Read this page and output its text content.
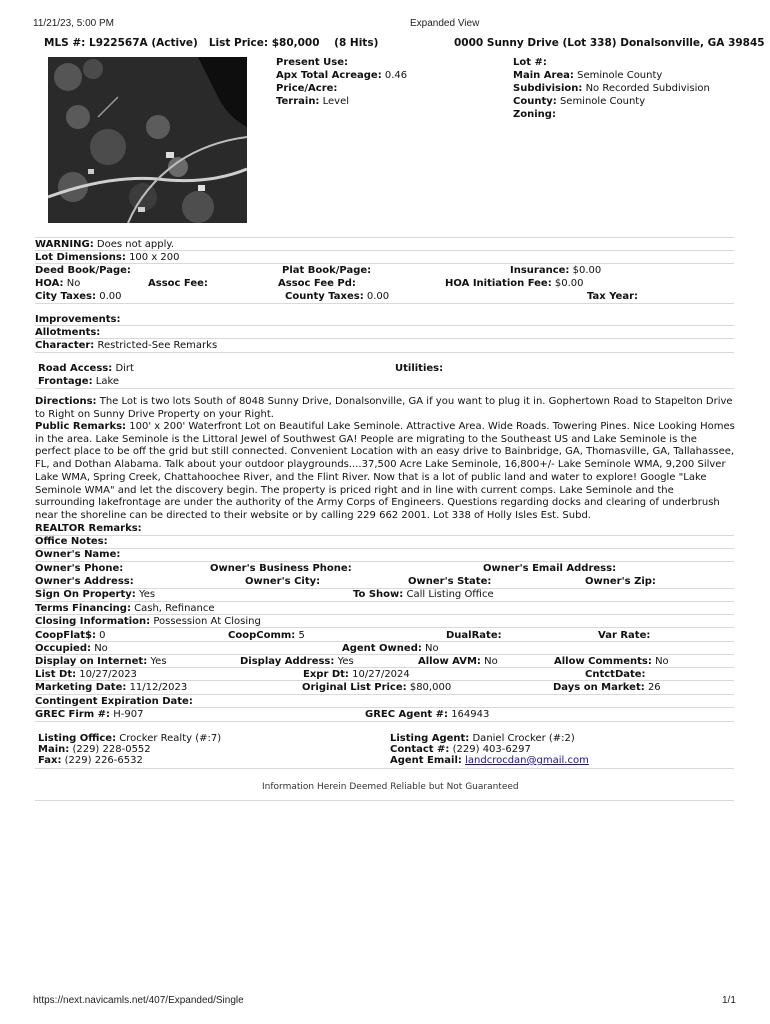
11/21/23, 5:00 PM	Expanded View
MLS #: L922567A (Active)   List Price: $80,000    (8 Hits)	0000 Sunny Drive (Lot 338) Donalsonville, GA 39845
Present Use:
Apx Total Acreage: 0.46
Price/Acre:
Terrain: Level
Lot #:
Main Area: Seminole County
Subdivision: No Recorded Subdivision
County: Seminole County
Zoning:
WARNING: Does not apply.
Lot Dimensions: 100 x 200
Deed Book/Page:	Plat Book/Page:	Insurance: $0.00
HOA: No	Assoc Fee:	Assoc Fee Pd:	HOA Initiation Fee: $0.00
City Taxes: 0.00	County Taxes: 0.00	Tax Year:
Improvements:
Allotments:
Character: Restricted-See Remarks
Road Access: Dirt	Utilities:
Frontage: Lake
Directions: The Lot is two lots South of 8048 Sunny Drive, Donalsonville, GA if you want to plug it in. Gophertown Road to Stapelton Drive to Right on Sunny Drive Property on your Right.
Public Remarks: 100' x 200' Waterfront Lot on Beautiful Lake Seminole. Attractive Area. Wide Roads. Towering Pines. Nice Looking Homes in the area. Lake Seminole is the Littoral Jewel of Southwest GA! People are migrating to the Southeast US and Lake Seminole is the perfect place to be off the grid but still connected. Convenient Location with an easy drive to Bainbridge, GA, Thomasville, GA, Tallahassee, FL, and Dothan Alabama. Talk about your outdoor playgrounds....37,500 Acre Lake Seminole, 16,800+/- Lake Seminole WMA, 9,200 Silver Lake WMA, Spring Creek, Chattahoochee River, and the Flint River. Now that is a lot of public land and water to explore! Google "Lake Seminole WMA" and let the discovery begin. The property is priced right and in line with current comps. Lake Seminole and the surrounding lakefrontage are under the authority of the Army Corps of Engineers. Questions regarding docks and clearing of underbrush near the shoreline can be directed to their website or by calling 229 662 2001. Lot 338 of Holly Isles Est. Subd.
REALTOR Remarks:
Office Notes:
Owner's Name:
Owner's Phone:	Owner's Business Phone:	Owner's Email Address:
Owner's Address:	Owner's City:	Owner's State:	Owner's Zip:
Sign On Property: Yes	To Show: Call Listing Office
Terms Financing: Cash, Refinance
Closing Information: Possession At Closing
CoopFlat$: 0	CoopComm: 5	DualRate:	Var Rate:
Occupied: No	Agent Owned: No
Display on Internet: Yes	Display Address: Yes	Allow AVM: No	Allow Comments: No
List Dt: 10/27/2023	Expr Dt: 10/27/2024	CntctDate:
Marketing Date: 11/12/2023	Original List Price: $80,000	Days on Market: 26
Contingent Expiration Date:
GREC Firm #: H-907	GREC Agent #: 164943
Listing Office: Crocker Realty (#:7)
Main: (229) 228-0552
Fax: (229) 226-6532
Listing Agent: Daniel Crocker (#:2)
Contact #: (229) 403-6297
Agent Email: landcrocdan@gmail.com
Information Herein Deemed Reliable but Not Guaranteed
https://next.navicamls.net/407/Expanded/Single	1/1
